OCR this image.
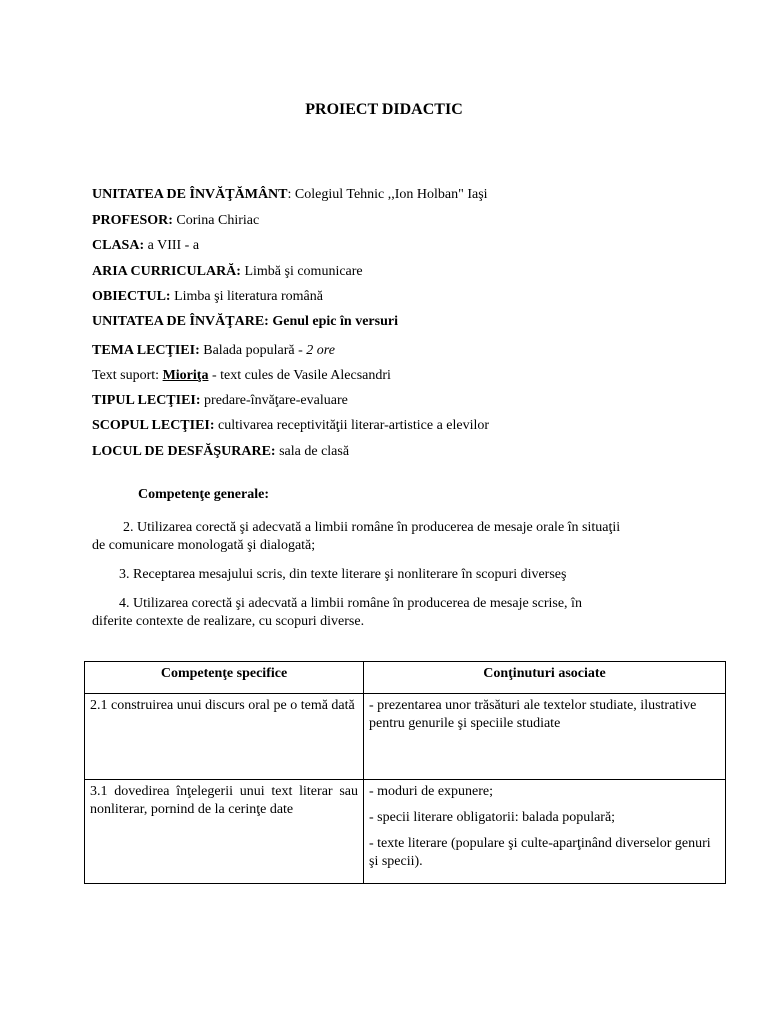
PROIECT DIDACTIC
UNITATEA DE ÎNVĂŢĂMÂNT: Colegiul Tehnic ,,Ion Holban" Iaşi
PROFESOR: Corina Chiriac
CLASA: a VIII - a
ARIA CURRICULARĂ: Limbă şi comunicare
OBIECTUL: Limba şi literatura română
UNITATEA DE ÎNVĂŢARE: Genul epic în versuri
TEMA LECŢIEI: Balada populară - 2 ore
Text suport: Mioriţa - text cules de Vasile Alecsandri
TIPUL LECŢIEI: predare-învăţare-evaluare
SCOPUL LECŢIEI: cultivarea receptivităţii literar-artistice a elevilor
LOCUL DE DESFĂŞURARE: sala de clasă
Competenţe generale:
2. Utilizarea corectă şi adecvată a limbii române în producerea de mesaje orale în situaţii
de comunicare monologată şi dialogată;
3. Receptarea mesajului scris, din texte literare şi nonliterare în scopuri diverseş
4. Utilizarea corectă şi adecvată a limbii române în producerea de mesaje scrise, în
diferite contexte de realizare, cu scopuri diverse.
Competenţe specifice	Conţinuturi asociate

2.1 construirea unui discurs oral pe o temă dată	- prezentarea unor trăsături ale textelor studiate, ilustrative pentru genurile şi speciile studiate

3.1 dovedirea înţelegerii unui text literar sau nonliterar, pornind de la cerinţe date	- moduri de expunere;

- specii literare obligatorii: balada populară;

- texte literare (populare şi culte-aparţinând diverselor genuri şi specii).
